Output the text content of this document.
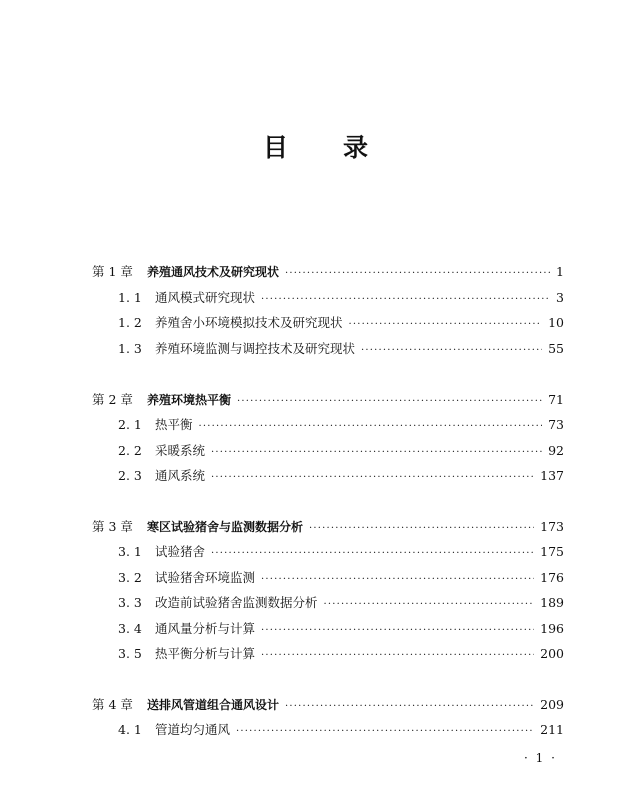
目 录
第 1 章	养殖通风技术及研究现状 ·····	1
1. 1	通风模式研究现状 ·····	3
1. 2	养殖舍小环境模拟技术及研究现状 ·····	10
1. 3	养殖环境监测与调控技术及研究现状 ·····	55
第 2 章	养殖环境热平衡 ·····	71
2. 1	热平衡 ·····	73
2. 2	采暖系统 ·····	92
2. 3	通风系统 ·····	137
第 3 章	寒区试验猪舍与监测数据分析 ·····	173
3. 1	试验猪舍 ·····	175
3. 2	试验猪舍环境监测 ·····	176
3. 3	改造前试验猪舍监测数据分析 ·····	189
3. 4	通风量分析与计算 ·····	196
3. 5	热平衡分析与计算 ·····	200
第 4 章	送排风管道组合通风设计 ·····	209
4. 1	管道均匀通风 ·····	211
· 1 ·
